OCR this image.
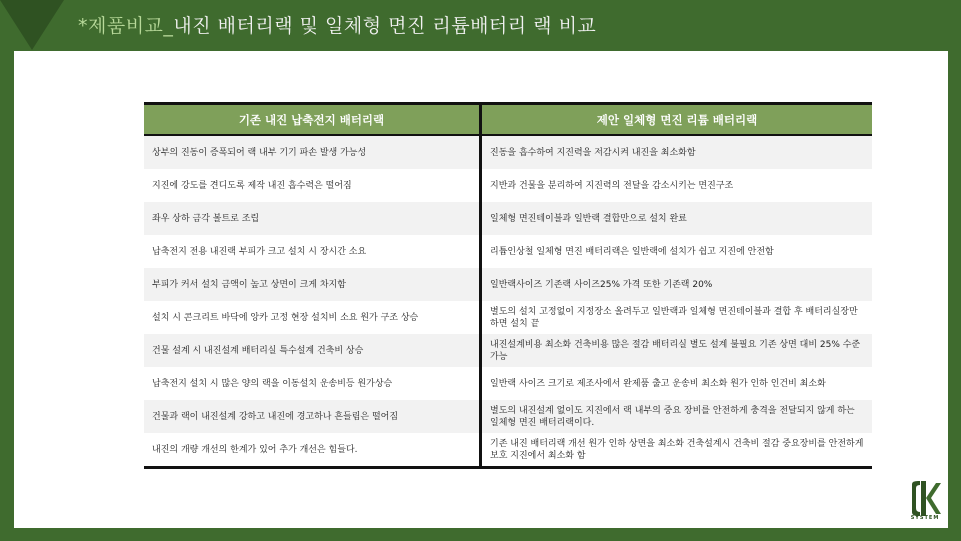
*제품비교_내진 배터리랙 및 일체형 면진 리튬배터리 랙 비교
기존 내진 납축전지 배터리랙	제안 일체형 면진 리튬 배터리랙
상부의 진동이 증폭되어 랙 내부 기기 파손 발생 가능성	진동을 흡수하여 지진력을 저감시켜 내진을 최소화함
지진에 강도를 견디도록 제작 내진 흡수력은 떨어짐	지반과 건물을 분리하여 지진력의 전달을 감소시키는 면진구조
좌우 상하 금각 볼트로 조립	일체형 면진테이블과 일반랙 결합만으로 설치 완료
납축전지 전용 내진랙 부피가 크고 설치 시 장시간 소요	리튬인상철 일체형 면진 배터리랙은 일반랙에 설치가 쉽고 지진에 안전함
부피가 커서 설치 금액이 높고 상면이 크게 차지함	일반랙사이즈 기존랙 사이즈25% 가격 또한 기존랙 20%
설치 시 콘크리트 바닥에 앙카 고정 현장 설치비 소요 원가 구조 상승	별도의 설치 고정없이 지정장소 올려두고 일반랙과 일체형 면진테이블과 결합 후 배터리실장만 하면 설치 끝
건물 설계 시 내진설계 배터리실 특수설계 건축비 상승	내진설계비용 최소화 건축비용 많은 절감 배터리실 별도 설계 불필요 기존 상면 대비 25% 수준 가능
납축전지 설치 시 많은 양의 랙을 이동설치 운송비등 원가상승	일반랙 사이즈 크기로 제조사에서 완제품 출고 운송비 최소화 원가 인하 인건비 최소화
건물과 랙이 내진설계 강하고 내진에 경고하나 흔들림은 떨어짐	별도의 내진설계 없이도 지진에서 랙 내부의 중요 장비를 안전하게 충격을 전달되지 않게 하는 일체형 면진 배터리랙이다.
내진의 개량 개선의 한계가 있어 추가 개선은 힘들다.	기존 내진 배터리랙 개선 원가 인하 상면을 최소화 건축설계시 건축비 절감 중요장비를 안전하게 보호 지진에서 최소화 함
SYSTEM
